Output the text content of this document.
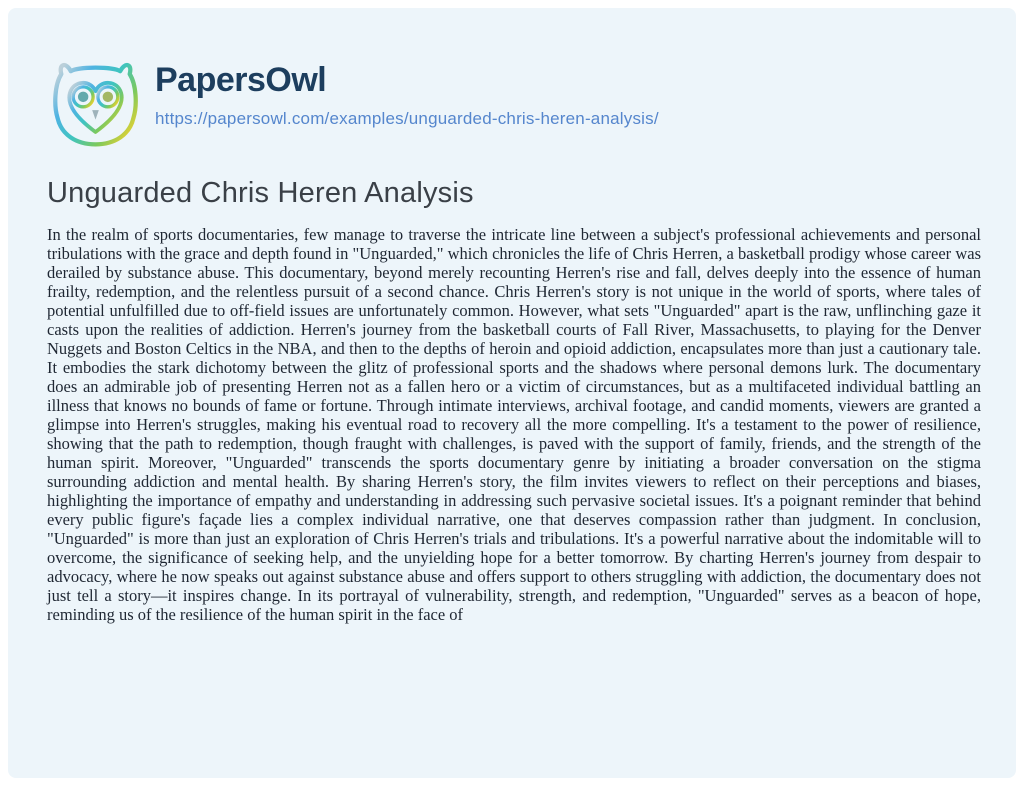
PapersOwl
https://papersowl.com/examples/unguarded-chris-heren-analysis/
Unguarded Chris Heren Analysis

In the realm of sports documentaries, few manage to traverse the intricate line between a subject's professional achievements and personal tribulations with the grace and depth found in "Unguarded," which chronicles the life of Chris Herren, a basketball prodigy whose career was derailed by substance abuse. This documentary, beyond merely recounting Herren's rise and fall, delves deeply into the essence of human frailty, redemption, and the relentless pursuit of a second chance. Chris Herren's story is not unique in the world of sports, where tales of potential unfulfilled due to off-field issues are unfortunately common. However, what sets "Unguarded" apart is the raw, unflinching gaze it casts upon the realities of addiction. Herren's journey from the basketball courts of Fall River, Massachusetts, to playing for the Denver Nuggets and Boston Celtics in the NBA, and then to the depths of heroin and opioid addiction, encapsulates more than just a cautionary tale. It embodies the stark dichotomy between the glitz of professional sports and the shadows where personal demons lurk. The documentary does an admirable job of presenting Herren not as a fallen hero or a victim of circumstances, but as a multifaceted individual battling an illness that knows no bounds of fame or fortune. Through intimate interviews, archival footage, and candid moments, viewers are granted a glimpse into Herren's struggles, making his eventual road to recovery all the more compelling. It's a testament to the power of resilience, showing that the path to redemption, though fraught with challenges, is paved with the support of family, friends, and the strength of the human spirit. Moreover, "Unguarded" transcends the sports documentary genre by initiating a broader conversation on the stigma surrounding addiction and mental health. By sharing Herren's story, the film invites viewers to reflect on their perceptions and biases, highlighting the importance of empathy and understanding in addressing such pervasive societal issues. It's a poignant reminder that behind every public figure's façade lies a complex individual narrative, one that deserves compassion rather than judgment. In conclusion, "Unguarded" is more than just an exploration of Chris Herren's trials and tribulations. It's a powerful narrative about the indomitable will to overcome, the significance of seeking help, and the unyielding hope for a better tomorrow. By charting Herren's journey from despair to advocacy, where he now speaks out against substance abuse and offers support to others struggling with addiction, the documentary does not just tell a story—it inspires change. In its portrayal of vulnerability, strength, and redemption, "Unguarded" serves as a beacon of hope, reminding us of the resilience of the human spirit in the face of
